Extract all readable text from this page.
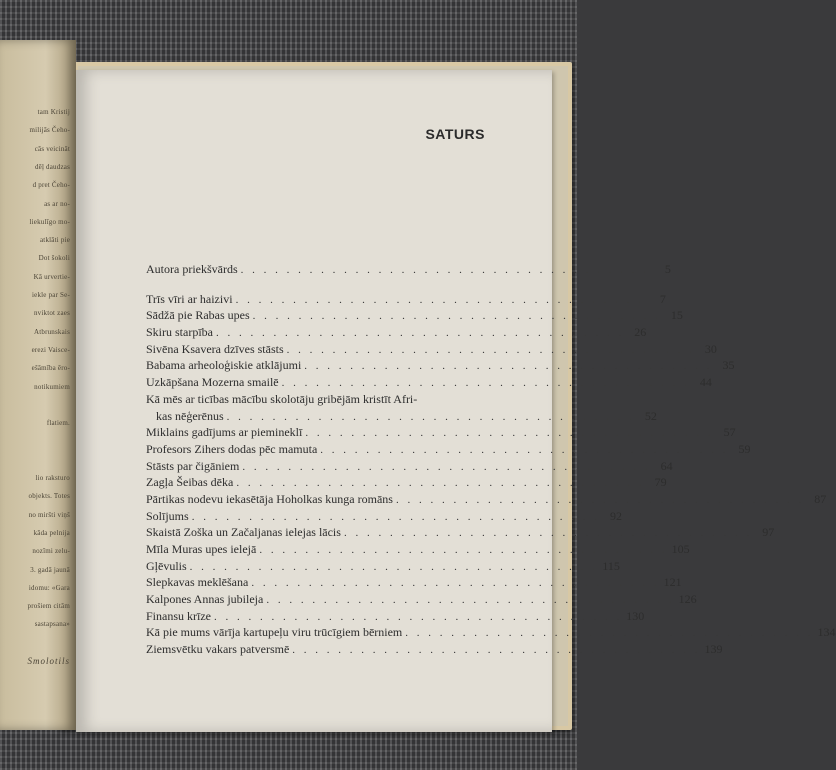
tam Kristij
milijās Čeho-
cās veicināt
dēļ daudzas
d pret Čeho-
as ar no-
liekulīgo mo-
atklāti pie
Dot šokoli
Kā urvertie-
iekle par Se-
nviktot zaes
Atbrunskais
erezi Vaisce-
ešāmība ēro-
notikumiem
flatiem.
lio raksturo
objekts. Totes
no miršti viņš
kāda pelnija
nozīmi zelu-
3. gadā jaunā
idomu: «Gara
prošiem citām
sastapsana»
Smolotils
SATURS
Autora priekšvārds . . . . . . . . . . . . . . . . . . . . . . . . . . . . . . . . . . . .	5
Trīs vīri ar haizivi . . . . . . . . . . . . . . . . . . . . . . . . . . . . . . . . . . . .	7
Sādžā pie Rabas upes . . . . . . . . . . . . . . . . . . . . . . . . . . . . . . . . . . . . 15
Skiru starpība . . . . . . . . . . . . . . . . . . . . . . . . . . . . . . . . . . . . 26
Sivēna Ksavera dzīves stāsts . . . . . . . . . . . . . . . . . . . . . . . . . . . . . . . . . . . . 30
Babama arheoloģiskie atklājumi . . . . . . . . . . . . . . . . . . . . . . . . . . . . . . . . . . . . 35
Uzkāpšana Mozerna smailē . . . . . . . . . . . . . . . . . . . . . . . . . . . . . . . . . . . . 44
Kā mēs ar ticības mācību skolotāju gribējām kristīt Afri-
kas nēģerēnus . . . . . . . . . . . . . . . . . . . . . . . . . . . . . . . . . . . . 52
Miklains gadījums ar piemineklī . . . . . . . . . . . . . . . . . . . . . . . . . . . . . . . . . . . . 57
Profesors Zihers dodas pēc mamuta . . . . . . . . . . . . . . . . . . . . . . . . . . . . . . . . . . . . 59
Stāsts par čigāniem . . . . . . . . . . . . . . . . . . . . . . . . . . . . . . . . . . . . 64
Zagļa Šeibas dēka . . . . . . . . . . . . . . . . . . . . . . . . . . . . . . . . . . . . 79
Pārtikas nodevu iekasētāja Hoholkas kunga romāns . . . . . . . . . . . . . . . . . . . . . . . . . . . . . . . . . . . . 87
Solījums . . . . . . . . . . . . . . . . . . . . . . . . . . . . . . . . . . . . 92
Skaistā Zoška un Začaljanas ielejas lācis . . . . . . . . . . . . . . . . . . . . . . . . . . . . . . . . . . . . 97
Mīla Muras upes ielejā . . . . . . . . . . . . . . . . . . . . . . . . . . . . . . . . . . . . 105
Gļēvulis . . . . . . . . . . . . . . . . . . . . . . . . . . . . . . . . . . . . 115
Slepkavas meklēšana . . . . . . . . . . . . . . . . . . . . . . . . . . . . . . . . . . . . 121
Kalpones Annas jubileja . . . . . . . . . . . . . . . . . . . . . . . . . . . . . . . . . . . . 126
Finansu krīze . . . . . . . . . . . . . . . . . . . . . . . . . . . . . . . . . . . . 130
Kā pie mums vārīja kartupeļu viru trūcīgiem bērniem . . . . . . . . . . . . . . . . . . . . . . . . . . . . . . . . . . . . 134
Ziemsvētku vakars patversmē . . . . . . . . . . . . . . . . . . . . . . . . . . . . . . . . . . . . 139
